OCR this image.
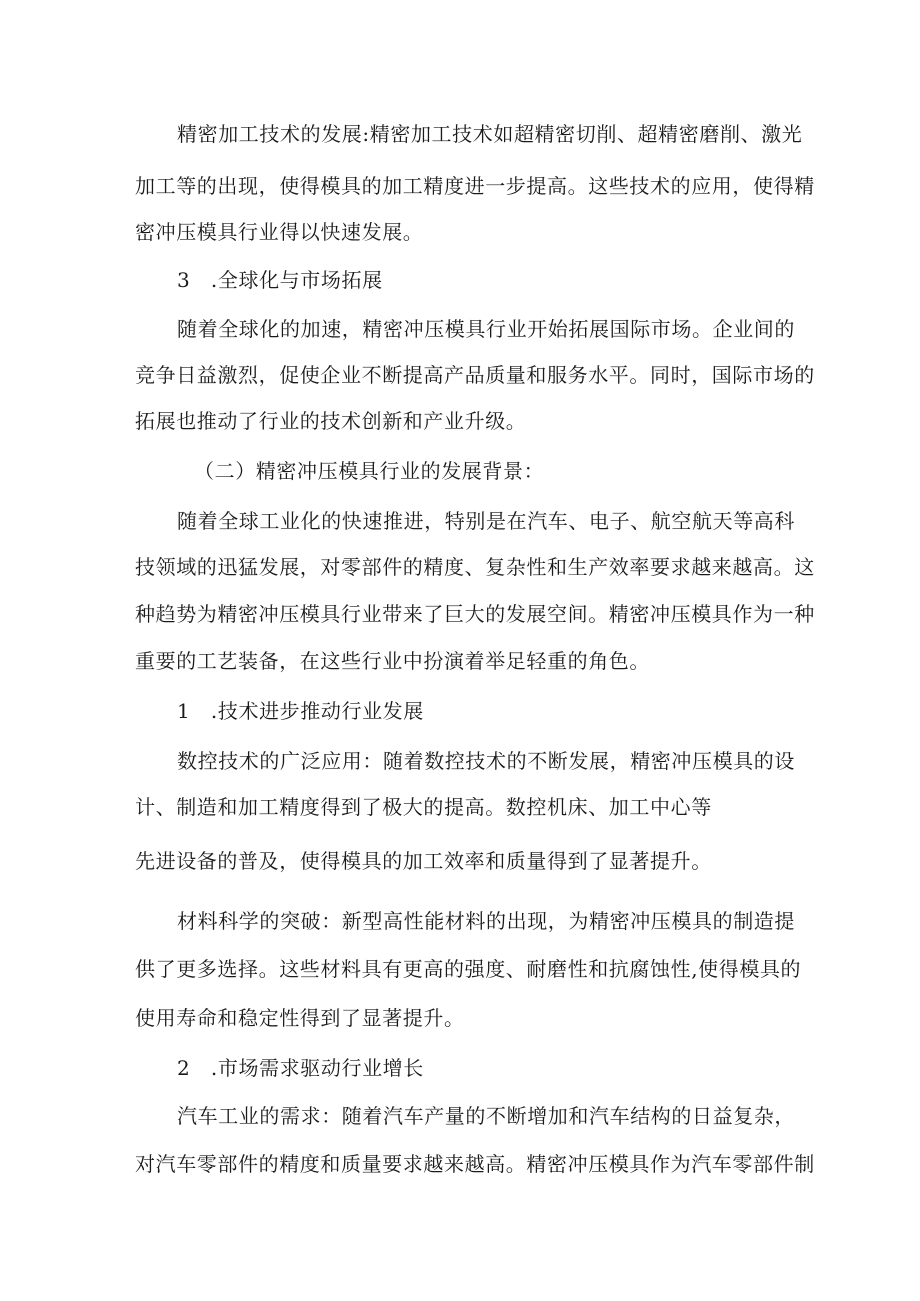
精密加工技术的发展:精密加工技术如超精密切削、超精密磨削、激光
加工等的出现，使得模具的加工精度进一步提高。这些技术的应用，使得精
密冲压模具行业得以快速发展。
3　.全球化与市场拓展
随着全球化的加速，精密冲压模具行业开始拓展国际市场。企业间的
竞争日益激烈，促使企业不断提高产品质量和服务水平。同时，国际市场的
拓展也推动了行业的技术创新和产业升级。
（二）精密冲压模具行业的发展背景：
随着全球工业化的快速推进，特别是在汽车、电子、航空航天等高科
技领域的迅猛发展，对零部件的精度、复杂性和生产效率要求越来越高。这
种趋势为精密冲压模具行业带来了巨大的发展空间。精密冲压模具作为一种
重要的工艺装备，在这些行业中扮演着举足轻重的角色。
1　.技术进步推动行业发展
数控技术的广泛应用：随着数控技术的不断发展，精密冲压模具的设
计、制造和加工精度得到了极大的提高。数控机床、加工中心等
先进设备的普及，使得模具的加工效率和质量得到了显著提升。
材料科学的突破：新型高性能材料的出现，为精密冲压模具的制造提
供了更多选择。这些材料具有更高的强度、耐磨性和抗腐蚀性,使得模具的
使用寿命和稳定性得到了显著提升。
2　.市场需求驱动行业增长
汽车工业的需求：随着汽车产量的不断增加和汽车结构的日益复杂，
对汽车零部件的精度和质量要求越来越高。精密冲压模具作为汽车零部件制
